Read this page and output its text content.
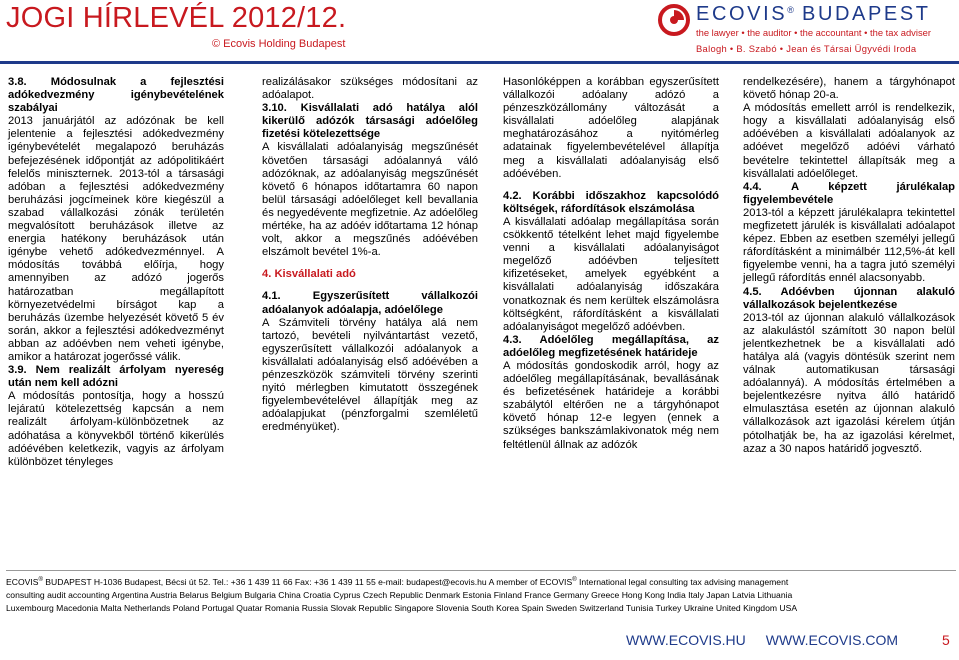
JOGI HÍRLEVÉL 2012/12.
© Ecovis Holding Budapest
ECOVIS® BUDAPEST
the lawyer • the auditor • the accountant • the tax adviser
Balogh • B. Szabó • Jean és Társai Ügyvédi Iroda

3.8. Módosulnak a fejlesztési adókedvezmény igénybevételének szabályai

2013 januárjától az adózónak be kell jelentenie a fejlesztési adókedvezmény igénybevételét megalapozó beruházás befejezésének időpontját az adópolitikáért felelős miniszternek. 2013-tól a társasági adóban a fejlesztési adókedvezmény beruházási jogcímeinek köre kiegészül a szabad vállalkozási zónák területén megvalósított beruházások illetve az energia hatékony beruházások után igénybe vehető adókedvezménnyel. A módosítás továbbá előírja, hogy amennyiben az adózó jogerős határozatban megállapított környezetvédelmi bírságot kap a beruházás üzembe helyezését követő 5 év során, akkor a fejlesztési adókedvezményt abban az adóévben nem veheti igénybe, amikor a határozat jogerőssé válik.

3.9. Nem realizált árfolyam nyereség után nem kell adózni

A módosítás pontosítja, hogy a hosszú lejáratú kötelezettség kapcsán a nem realizált árfolyam-különbözetnek az adóhatása a könyvekből történő kikerülés adóévében keletkezik, vagyis az árfolyam különbözet tényleges

realizálásakor szükséges módosítani az adóalapot.

3.10. Kisvállalati adó hatálya alól kikerülő adózók társasági adóelőleg fizetési kötelezettsége

A kisvállalati adóalanyiság megszűnését követően társasági adóalannyá váló adózóknak, az adóalanyiság megszűnését követő 6 hónapos időtartamra 60 napon belül társasági adóelőleget kell bevallania és negyedévente megfizetnie. Az adóelőleg mértéke, ha az adóév időtartama 12 hónap volt, akkor a megszűnés adóévében elszámolt bevétel 1%-a.

4. Kisvállalati adó

4.1. Egyszerűsített vállalkozói adóalanyok adóalapja, adóelőlege

A Számviteli törvény hatálya alá nem tartozó, bevételi nyilvántartást vezető, egyszerűsített vállalkozói adóalanyok a kisvállalati adóalanyiság első adóévében a pénzeszközök számviteli törvény szerinti nyitó mérlegben kimutatott összegének figyelembevételével állapítják meg az adóalapjukat (pénzforgalmi szemléletű eredményüket).

Hasonlóképpen a korábban egyszerűsített vállalkozói adóalany adózó a pénzeszközállomány változását a kisvállalati adóelőleg alapjának meghatározásához a nyitómérleg adatainak figyelembevételével állapítja meg a kisvállalati adóalanyiság első adóévében.

4.2. Korábbi időszakhoz kapcsolódó költségek, ráfordítások elszámolása

A kisvállalati adóalap megállapítása során csökkentő tételként lehet majd figyelembe venni a kisvállalati adóalanyiságot megelőző adóévben teljesített kifizetéseket, amelyek egyébként a kisvállalati adóalanyiság időszakára vonatkoznak és nem kerültek elszámolásra költségként, ráfordításként a kisvállalati adóalanyiságot megelőző adóévben.

4.3. Adóelőleg megállapítása, az adóelőleg megfizetésének határideje

A módosítás gondoskodik arról, hogy az adóelőleg megállapításának, bevallásának és befizetésének határideje a korábbi szabálytól eltérően ne a tárgyhónapot követő hónap 12-e legyen (ennek a szükséges bankszámlakivonatok még nem feltétlenül állnak az adózók

rendelkezésére), hanem a tárgyhónapot követő hónap 20-a.

A módosítás emellett arról is rendelkezik, hogy a kisvállalati adóalanyiság első adóévében a kisvállalati adóalanyok az adóévet megelőző adóévi várható bevételre tekintettel állapítsák meg a kisvállalati adóelőleget.

4.4. A képzett járulékalap figyelembevétele

2013-tól a képzett járulékalapra tekintettel megfizetett járulék is kisvállalati adóalapot képez. Ebben az esetben személyi jellegű ráfordításként a minimálbér 112,5%-át kell figyelembe venni, ha a tagra jutó személyi jellegű ráfordítás ennél alacsonyabb.

4.5. Adóévben újonnan alakuló vállalkozások bejelentkezése

2013-tól az újonnan alakuló vállalkozások az alakulástól számított 30 napon belül jelentkezhetnek be a kisvállalati adó hatálya alá (vagyis döntésük szerint nem válnak automatikusan társasági adóalannyá). A módosítás értelmében a bejelentkezésre nyitva álló határidő elmulasztása esetén az újonnan alakuló vállalkozások azt igazolási kérelem útján pótolhatják be, ha az igazolási kérelmet, azaz a 30 napos határidő jogvesztő.

ECOVIS® BUDAPEST H-1036 Budapest, Bécsi út 52. Tel.: +36 1 439 11 66 Fax: +36 1 439 11 55 e-mail: budapest@ecovis.hu A member of ECOVIS® International legal consulting tax advising management
consulting audit accounting Argentina Austria Belarus Belgium Bulgaria China Croatia Cyprus Czech Republic Denmark Estonia Finland France Germany Greece Hong Kong India Italy Japan Latvia Lithuania
Luxembourg Macedonia Malta Netherlands Poland Portugal Quatar Romania Russia Slovak Republic Singapore Slovenia South Korea Spain Sweden Switzerland Tunisia Turkey Ukraine United Kingdom USA
WWW.ECOVIS.HU WWW.ECOVIS.COM	5
